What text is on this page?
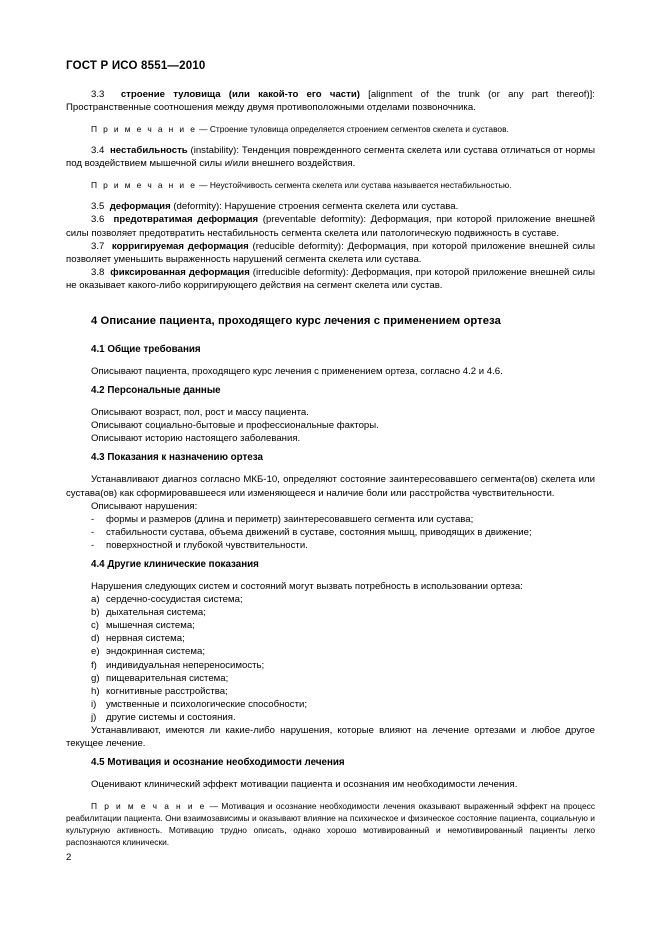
ГОСТ Р ИСО 8551—2010

3.3 строение туловища (или какой-то его части) [alignment of the trunk (or any part thereof)]: Пространственные соотношения между двумя противоположными отделами позвоночника.

П р и м е ч а н и е — Строение туловища определяется строением сегментов скелета и суставов.

3.4 нестабильность (instability): Тенденция поврежденного сегмента скелета или сустава отличаться от нормы под воздействием мышечной силы и/или внешнего воздействия.

П р и м е ч а н и е — Неустойчивость сегмента скелета или сустава называется нестабильностью.

3.5 деформация (deformity): Нарушение строения сегмента скелета или сустава.

3.6 предотвратимая деформация (preventable deformity): Деформация, при которой приложение внешней силы позволяет предотвратить нестабильность сегмента скелета или патологическую подвижность в суставе.

3.7 корригируемая деформация (reducible deformity): Деформация, при которой приложение внешней силы позволяет уменьшить выраженность нарушений сегмента скелета или сустава.

3.8 фиксированная деформация (irreducible deformity): Деформация, при которой приложение внешней силы не оказывает какого-либо корригирующего действия на сегмент скелета или сустав.

4 Описание пациента, проходящего курс лечения с применением ортеза
4.1 Общие требования

Описывают пациента, проходящего курс лечения с применением ортеза, согласно 4.2 и 4.6.

4.2 Персональные данные

Описывают возраст, пол, рост и массу пациента.

Описывают социально-бытовые и профессиональные факторы.

Описывают историю настоящего заболевания.

4.3 Показания к назначению ортеза

Устанавливают диагноз согласно МКБ-10, определяют состояние заинтересовавшего сегмента(ов) скелета или сустава(ов) как сформировавшееся или изменяющееся и наличие боли или расстройства чувствительности.

Описывают нарушения:

-	формы и размеров (длина и периметр) заинтересовавшего сегмента или сустава;
-	стабильности сустава, объема движений в суставе, состояния мышц, приводящих в движение;
-	поверхностной и глубокой чувствительности.
4.4 Другие клинические показания

Нарушения следующих систем и состояний могут вызвать потребность в использовании ортеза:

a) сердечно-сосудистая система;
b) дыхательная система;
c) мышечная система;
d) нервная система;
e) эндокринная система;
f) индивидуальная непереносимость;
g) пищеварительная система;
h) когнитивные расстройства;
i)	умственные и психологические способности;
j)	другие системы и состояния.

Устанавливают, имеются ли какие-либо нарушения, которые влияют на лечение ортезами и любое другое текущее лечение.

4.5 Мотивация и осознание необходимости лечения

Оценивают клинический эффект мотивации пациента и осознания им необходимости лечения.

П р и м е ч а н и е — Мотивация и осознание необходимости лечения оказывают выраженный эффект на процесс реабилитации пациента. Они взаимозависимы и оказывают влияние на психическое и физическое состояние пациента, социальную и культурную активность. Мотивацию трудно описать, однако хорошо мотивированный и немотивированный пациенты легко распознаются клинически.

2
